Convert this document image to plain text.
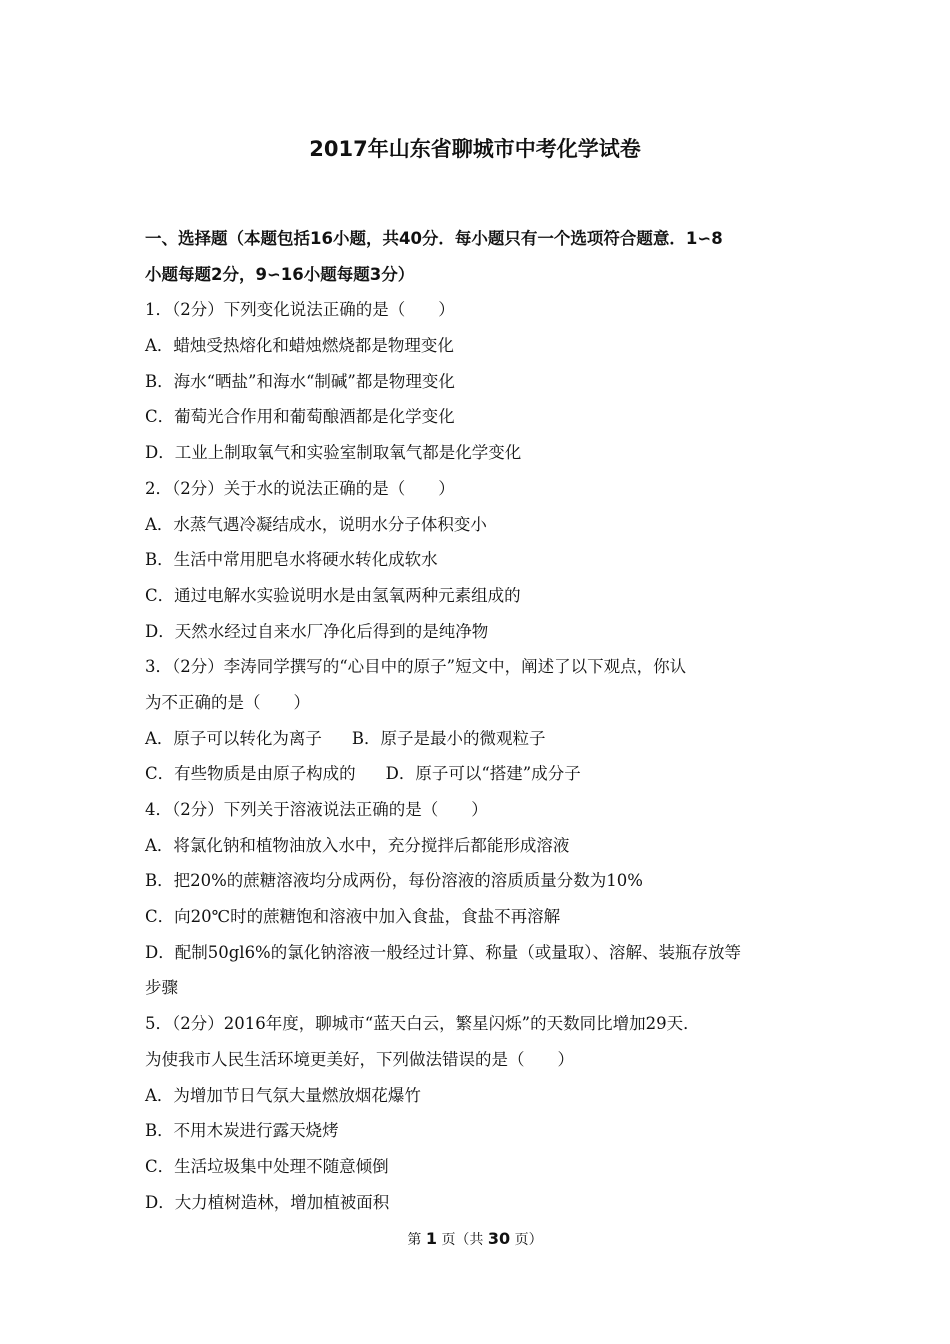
2017年山东省聊城市中考化学试卷
一、选择题（本题包括16小题，共40分．每小题只有一个选项符合题意．1∽8
小题每题2分，9∽16小题每题3分）
1．（2分）下列变化说法正确的是（　　）
A．蜡烛受热熔化和蜡烛燃烧都是物理变化
B．海水“晒盐”和海水“制碱”都是物理变化
C．葡萄光合作用和葡萄酿酒都是化学变化
D．工业上制取氧气和实验室制取氧气都是化学变化
2．（2分）关于水的说法正确的是（　　）
A．水蒸气遇冷凝结成水，说明水分子体积变小
B．生活中常用肥皂水将硬水转化成软水
C．通过电解水实验说明水是由氢氧两种元素组成的
D．天然水经过自来水厂净化后得到的是纯净物
3．（2分）李涛同学撰写的“心目中的原子”短文中，阐述了以下观点，你认
为不正确的是（　　）
A．原子可以转化为离子 B．原子是最小的微观粒子
C．有些物质是由原子构成的 D．原子可以“搭建”成分子
4．（2分）下列关于溶液说法正确的是（　　）
A．将氯化钠和植物油放入水中，充分搅拌后都能形成溶液
B．把20%的蔗糖溶液均分成两份，每份溶液的溶质质量分数为10%
C．向20℃时的蔗糖饱和溶液中加入食盐，食盐不再溶解
D．配制50gl6%的氯化钠溶液一般经过计算、称量（或量取）、溶解、装瓶存放等
步骤
5．（2分）2016年度，聊城市“蓝天白云，繁星闪烁”的天数同比增加29天．
为使我市人民生活环境更美好，下列做法错误的是（　　）
A．为增加节日气氛大量燃放烟花爆竹
B．不用木炭进行露天烧烤
C．生活垃圾集中处理不随意倾倒
D．大力植树造林，增加植被面积
第 1 页（共 30 页）
